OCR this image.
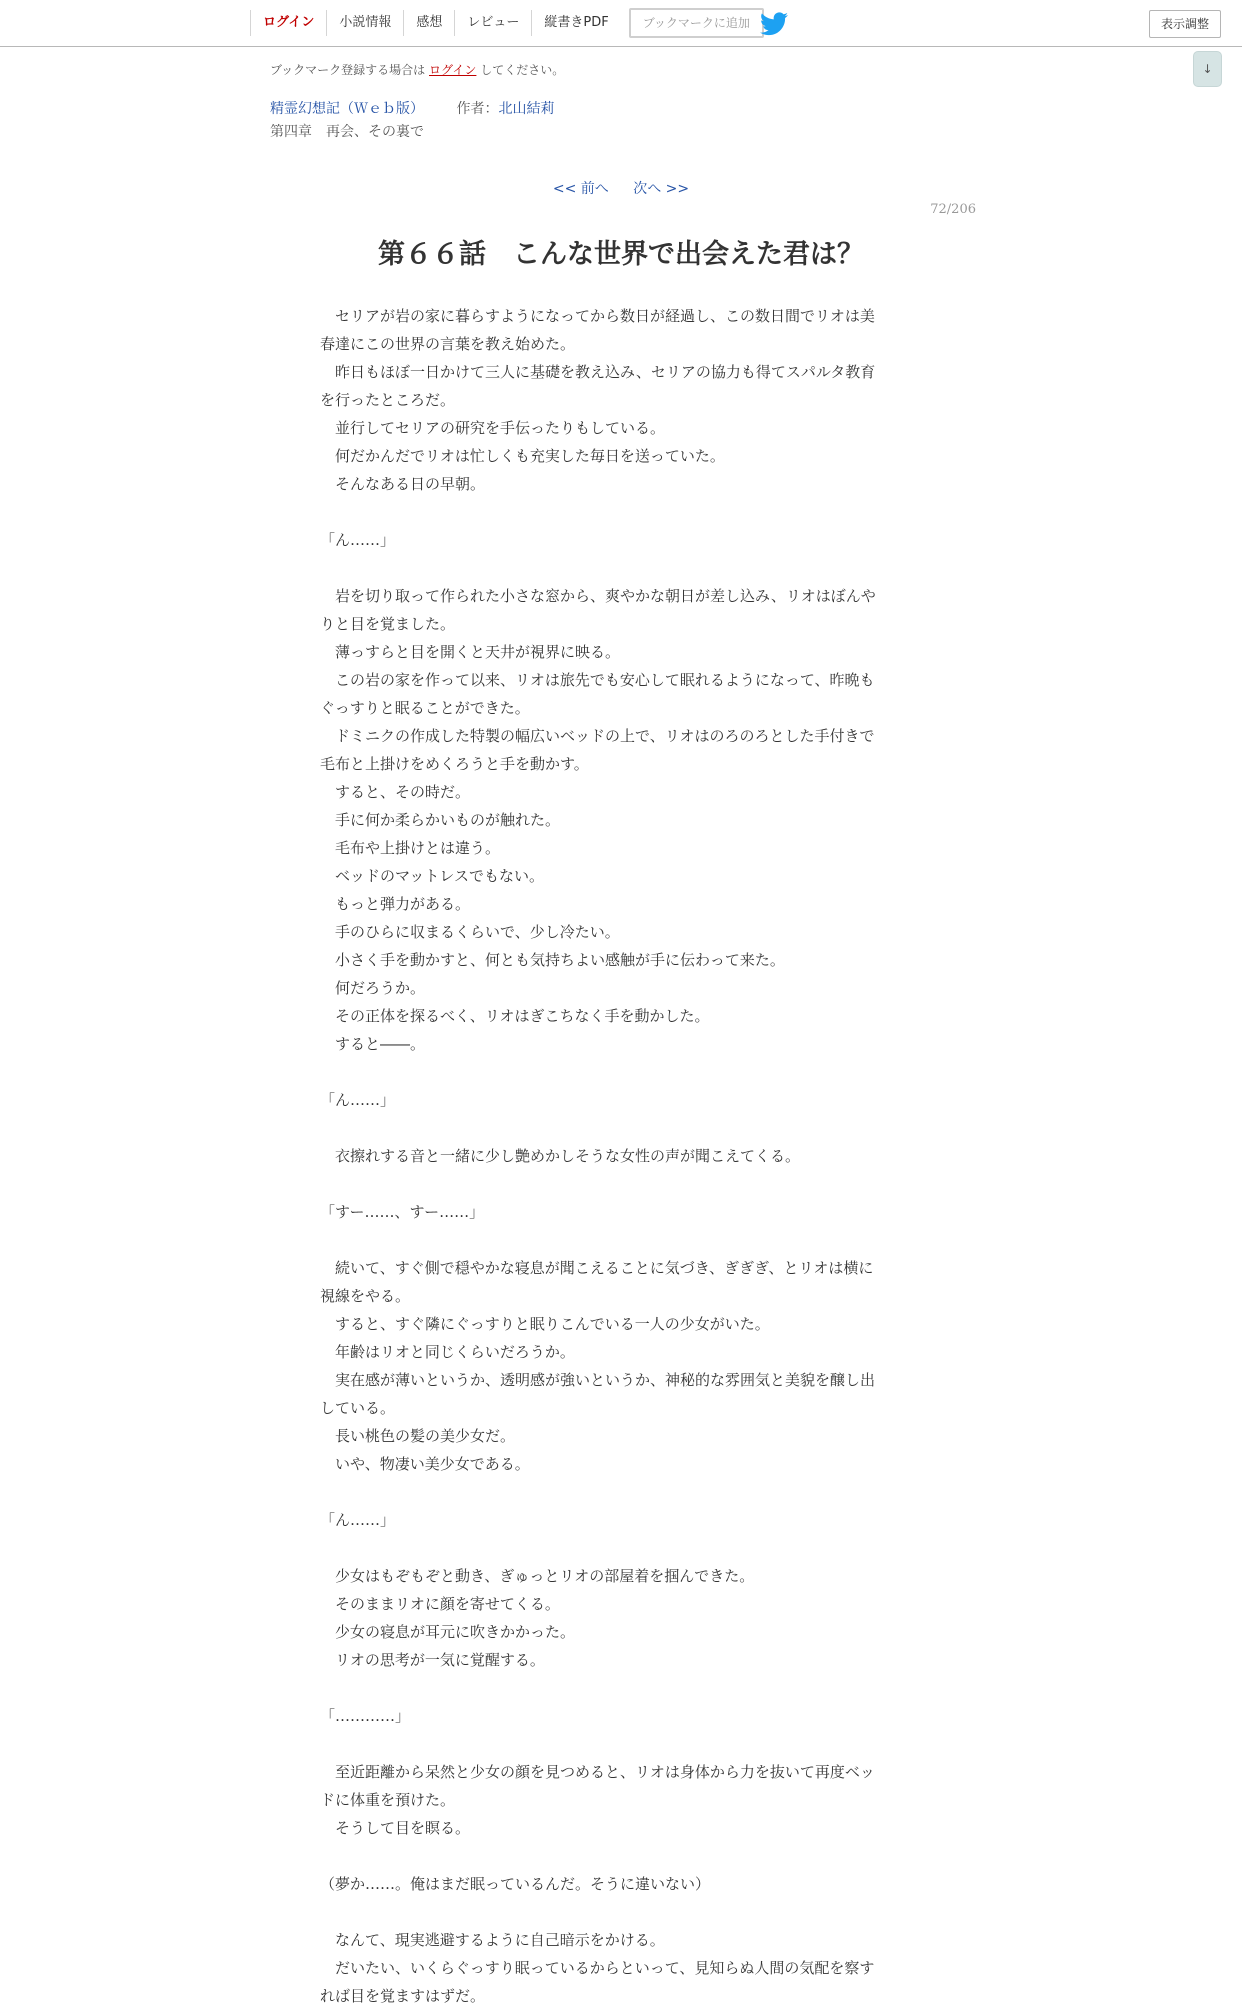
ログイン	小説情報	感想	レビュー	縦書きPDF	ブックマークに追加	表示調整
↓
ブックマーク登録する場合は ログイン してください。
精霊幻想記（Ｗｅｂ版） 作者：北山結莉
第四章　再会、その裏で
<< 前へ 次へ >>
72/206
第６６話　こんな世界で出会えた君は？

　セリアが岩の家に暮らすようになってから数日が経過し、この数日間でリオは美

春達にこの世界の言葉を教え始めた。

　昨日もほぼ一日かけて三人に基礎を教え込み、セリアの協力も得てスパルタ教育

を行ったところだ。

　並行してセリアの研究を手伝ったりもしている。

　何だかんだでリオは忙しくも充実した毎日を送っていた。

　そんなある日の早朝。

「ん……」

　岩を切り取って作られた小さな窓から、爽やかな朝日が差し込み、リオはぼんや

りと目を覚ました。

　薄っすらと目を開くと天井が視界に映る。

　この岩の家を作って以来、リオは旅先でも安心して眠れるようになって、昨晩も

ぐっすりと眠ることができた。

　ドミニクの作成した特製の幅広いベッドの上で、リオはのろのろとした手付きで

毛布と上掛けをめくろうと手を動かす。

　すると、その時だ。

　手に何か柔らかいものが触れた。

　毛布や上掛けとは違う。

　ベッドのマットレスでもない。

　もっと弾力がある。

　手のひらに収まるくらいで、少し冷たい。

　小さく手を動かすと、何とも気持ちよい感触が手に伝わって来た。

　何だろうか。

　その正体を探るべく、リオはぎこちなく手を動かした。

　すると――。

「ん……」

　衣擦れする音と一緒に少し艶めかしそうな女性の声が聞こえてくる。

「すー……、すー……」

　続いて、すぐ側で穏やかな寝息が聞こえることに気づき、ぎぎぎ、とリオは横に

視線をやる。

　すると、すぐ隣にぐっすりと眠りこんでいる一人の少女がいた。

　年齢はリオと同じくらいだろうか。

　実在感が薄いというか、透明感が強いというか、神秘的な雰囲気と美貌を醸し出

している。

　長い桃色の髪の美少女だ。

　いや、物凄い美少女である。

「ん……」

　少女はもぞもぞと動き、ぎゅっとリオの部屋着を掴んできた。

　そのままリオに顔を寄せてくる。

　少女の寝息が耳元に吹きかかった。

　リオの思考が一気に覚醒する。

「…………」

　至近距離から呆然と少女の顔を見つめると、リオは身体から力を抜いて再度ベッ

ドに体重を預けた。

　そうして目を瞑る。

（夢か……。俺はまだ眠っているんだ。そうに違いない）

　なんて、現実逃避するように自己暗示をかける。

　だいたい、いくらぐっすり眠っているからといって、見知らぬ人間の気配を察す

れば目を覚ますはずだ。
